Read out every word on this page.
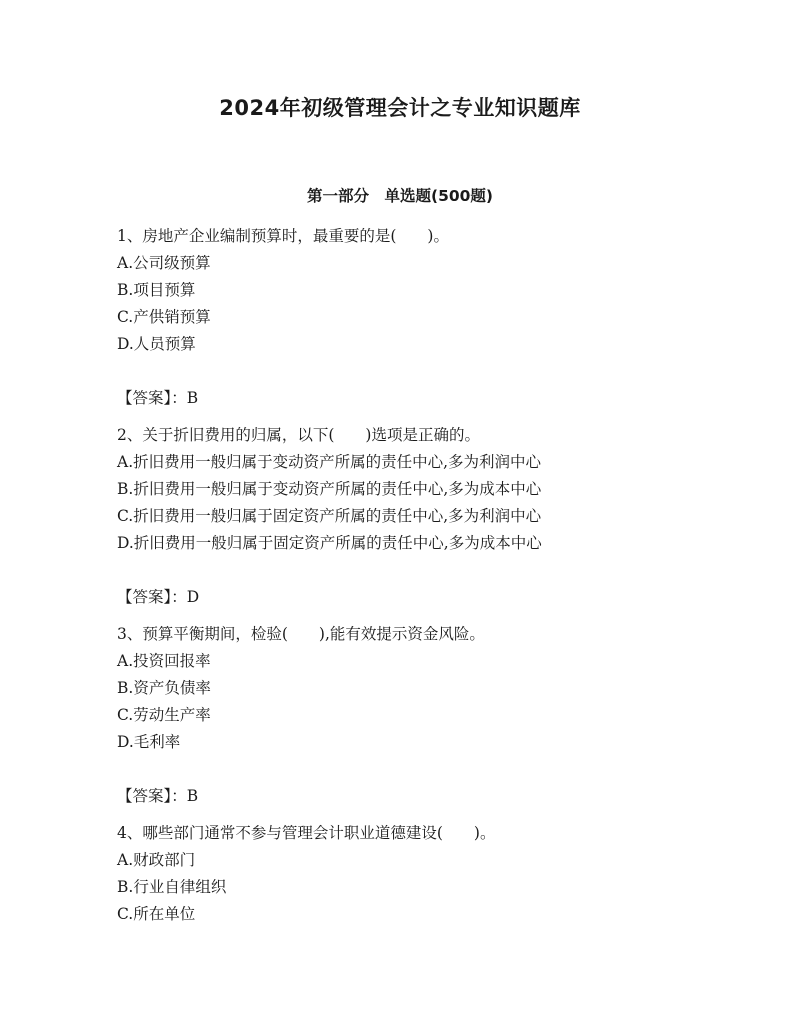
2024年初级管理会计之专业知识题库
第一部分　单选题(500题)
1、房地产企业编制预算时，最重要的是(　　)。
A.公司级预算
B.项目预算
C.产供销预算
D.人员预算
【答案】：B
2、关于折旧费用的归属，以下(　　)选项是正确的。
A.折旧费用一般归属于变动资产所属的责任中心,多为利润中心
B.折旧费用一般归属于变动资产所属的责任中心,多为成本中心
C.折旧费用一般归属于固定资产所属的责任中心,多为利润中心
D.折旧费用一般归属于固定资产所属的责任中心,多为成本中心
【答案】：D
3、预算平衡期间，检验(　　),能有效提示资金风险。
A.投资回报率
B.资产负债率
C.劳动生产率
D.毛利率
【答案】：B
4、哪些部门通常不参与管理会计职业道德建设(　　)。
A.财政部门
B.行业自律组织
C.所在单位
